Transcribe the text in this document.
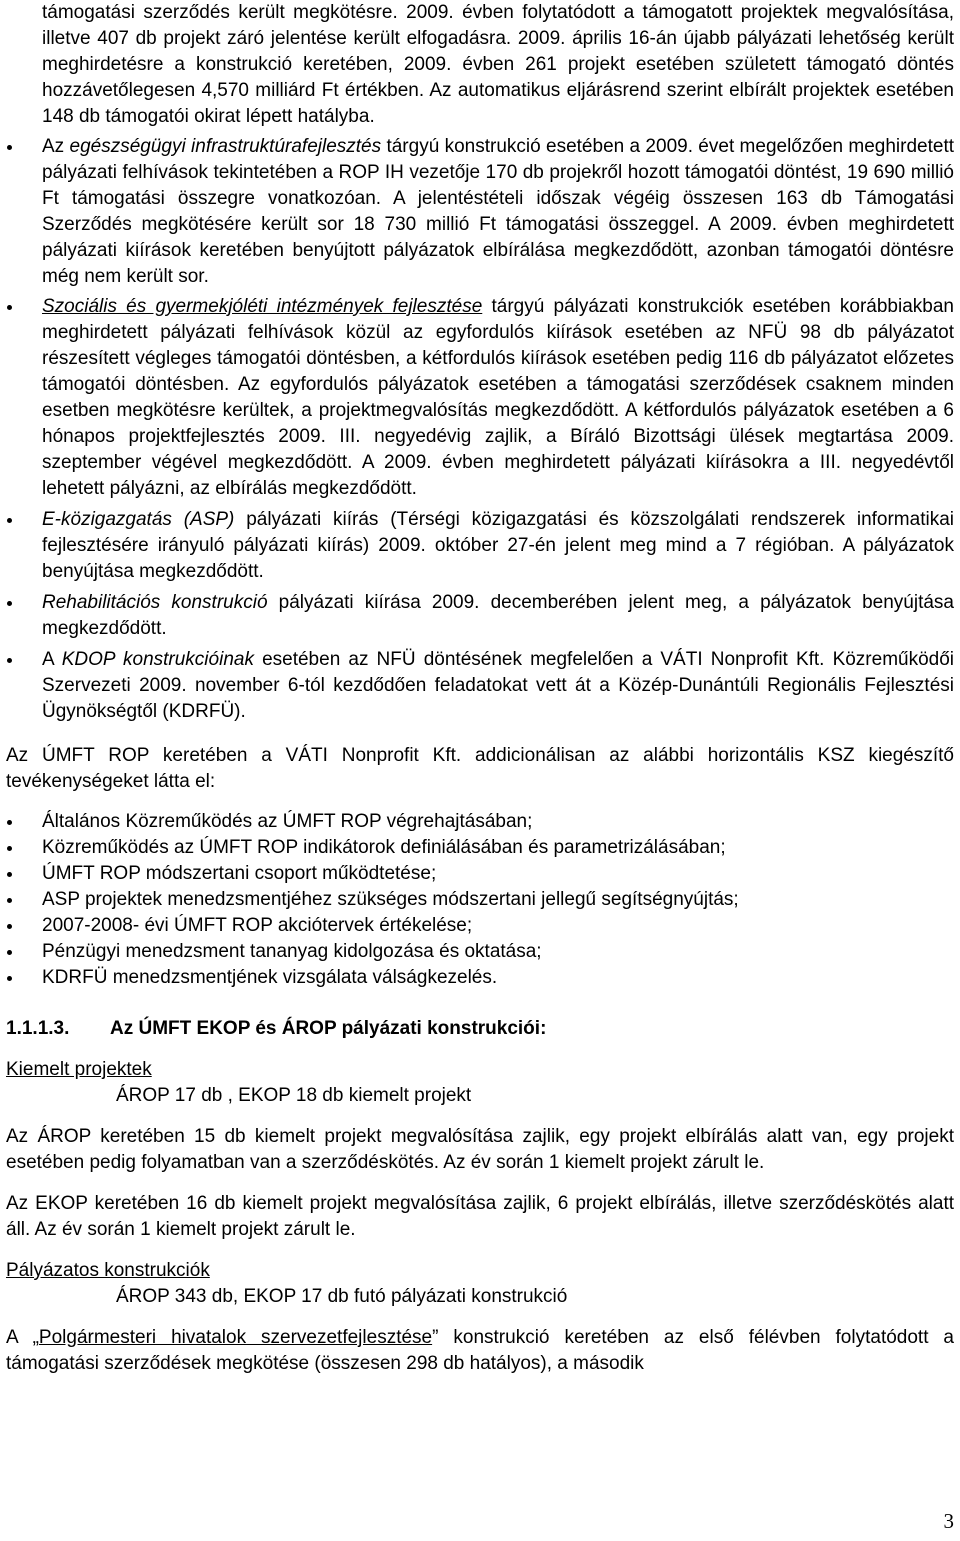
támogatási szerződés került megkötésre. 2009. évben folytatódott a támogatott projektek megvalósítása, illetve 407 db projekt záró jelentése került elfogadásra. 2009. április 16-án újabb pályázati lehetőség került meghirdetésre a konstrukció keretében, 2009. évben 261 projekt esetében született támogató döntés hozzávetőlegesen 4,570 milliárd Ft értékben. Az automatikus eljárásrend szerint elbírált projektek esetében 148 db támogatói okirat lépett hatályba.

Az egészségügyi infrastruktúrafejlesztés tárgyú konstrukció esetében a 2009. évet megelőzően meghirdetett pályázati felhívások tekintetében a ROP IH vezetője 170 db projekről hozott támogatói döntést, 19 690 millió Ft támogatási összegre vonatkozóan. A jelentéstételi időszak végéig összesen 163 db Támogatási Szerződés megkötésére került sor 18 730 millió Ft támogatási összeggel. A 2009. évben meghirdetett pályázati kiírások keretében benyújtott pályázatok elbírálása megkezdődött, azonban támogatói döntésre még nem került sor.

Szociális és gyermekjóléti intézmények fejlesztése tárgyú pályázati konstrukciók esetében korábbiakban meghirdetett pályázati felhívások közül az egyfordulós kiírások esetében az NFÜ 98 db pályázatot részesített végleges támogatói döntésben, a kétfordulós kiírások esetében pedig 116 db pályázatot előzetes támogatói döntésben. Az egyfordulós pályázatok esetében a támogatási szerződések csaknem minden esetben megkötésre kerültek, a projektmegvalósítás megkezdődött. A kétfordulós pályázatok esetében a 6 hónapos projektfejlesztés 2009. III. negyedévig zajlik, a Bíráló Bizottsági ülések megtartása 2009. szeptember végével megkezdődött. A 2009. évben meghirdetett pályázati kiírásokra a III. negyedévtől lehetett pályázni, az elbírálás megkezdődött.

E-közigazgatás (ASP) pályázati kiírás (Térségi közigazgatási és közszolgálati rendszerek informatikai fejlesztésére irányuló pályázati kiírás) 2009. október 27-én jelent meg mind a 7 régióban. A pályázatok benyújtása megkezdődött.

Rehabilitációs konstrukció pályázati kiírása 2009. decemberében jelent meg, a pályázatok benyújtása megkezdődött.

A KDOP konstrukcióinak esetében az NFÜ döntésének megfelelően a VÁTI Nonprofit Kft. Közreműködői Szervezeti 2009. november 6-tól kezdődően feladatokat vett át a Közép-Dunántúli Regionális Fejlesztési Ügynökségtől (KDRFÜ).

Az ÚMFT ROP keretében a VÁTI Nonprofit Kft. addicionálisan az alábbi horizontális KSZ kiegészítő tevékenységeket látta el:

Általános Közreműködés az ÚMFT ROP végrehajtásában;

Közreműködés az ÚMFT ROP indikátorok definiálásában és parametrizálásában;

ÚMFT ROP módszertani csoport működtetése;

ASP projektek menedzsmentjéhez szükséges módszertani jellegű segítségnyújtás;

2007-2008- évi ÚMFT ROP akciótervek értékelése;

Pénzügyi menedzsment tananyag kidolgozása és oktatása;

KDRFÜ menedzsmentjének vizsgálata válságkezelés.

1.1.1.3.	Az ÚMFT EKOP és ÁROP pályázati konstrukciói:

Kiemelt projektek

ÁROP 17 db , EKOP 18 db kiemelt projekt

Az ÁROP keretében 15 db kiemelt projekt megvalósítása zajlik, egy projekt elbírálás alatt van, egy projekt esetében pedig folyamatban van a szerződéskötés. Az év során 1 kiemelt projekt zárult le.

Az EKOP keretében 16 db kiemelt projekt megvalósítása zajlik, 6 projekt elbírálás, illetve szerződéskötés alatt áll. Az év során 1 kiemelt projekt zárult le.

Pályázatos konstrukciók

ÁROP 343 db, EKOP 17 db futó pályázati konstrukció

A „Polgármesteri hivatalok szervezetfejlesztése” konstrukció keretében az első félévben folytatódott a támogatási szerződések megkötése (összesen 298 db hatályos), a második

3
